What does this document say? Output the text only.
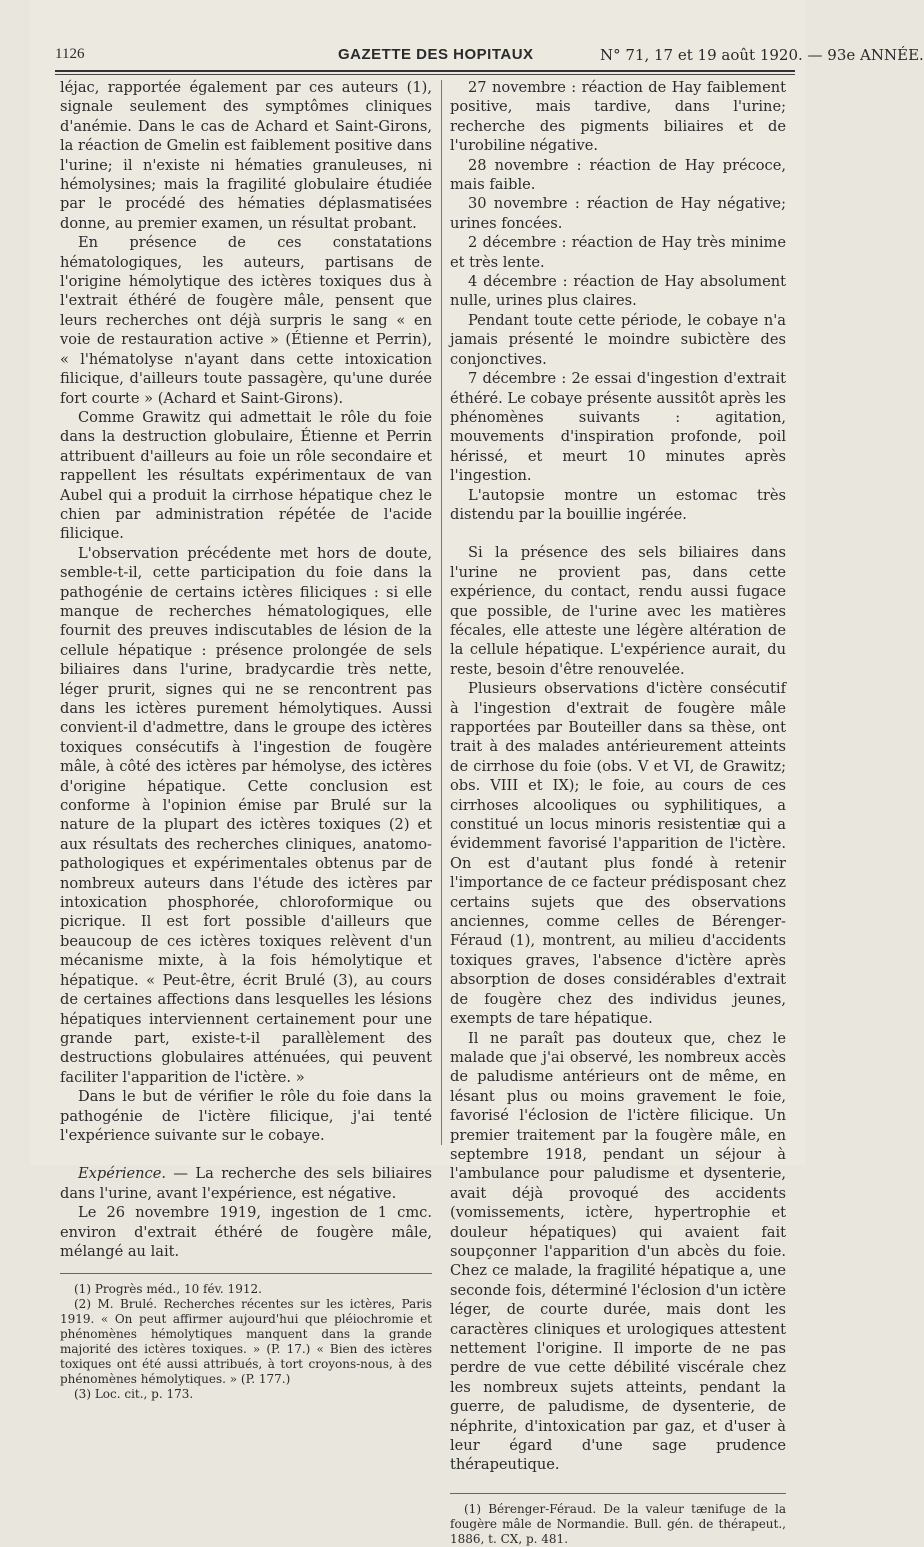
1126	GAZETTE DES HOPITAUX	N° 71, 17 et 19 août 1920. — 93e ANNÉE.

léjac, rapportée également par ces auteurs (1), signale seulement des symptômes cliniques d'anémie. Dans le cas de Achard et Saint-Girons, la réaction de Gmelin est faiblement positive dans l'urine; il n'existe ni hématies granuleuses, ni hémolysines; mais la fragilité globulaire étudiée par le procédé des hématies déplasmatisées donne, au premier examen, un résultat probant.

En présence de ces constatations hématologiques, les auteurs, partisans de l'origine hémolytique des ictères toxiques dus à l'extrait éthéré de fougère mâle, pensent que leurs recherches ont déjà surpris le sang « en voie de restauration active » (Étienne et Perrin), « l'hématolyse n'ayant dans cette intoxication filicique, d'ailleurs toute passagère, qu'une durée fort courte » (Achard et Saint-Girons).

Comme Grawitz qui admettait le rôle du foie dans la destruction globulaire, Étienne et Perrin attribuent d'ailleurs au foie un rôle secondaire et rappellent les résultats expérimentaux de van Aubel qui a produit la cirrhose hépatique chez le chien par administration répétée de l'acide filicique.

L'observation précédente met hors de doute, semble-t-il, cette participation du foie dans la pathogénie de certains ictères filiciques : si elle manque de recherches hématologiques, elle fournit des preuves indiscutables de lésion de la cellule hépatique : présence prolongée de sels biliaires dans l'urine, bradycardie très nette, léger prurit, signes qui ne se rencontrent pas dans les ictères purement hémolytiques. Aussi convient-il d'admettre, dans le groupe des ictères toxiques consécutifs à l'ingestion de fougère mâle, à côté des ictères par hémolyse, des ictères d'origine hépatique. Cette conclusion est conforme à l'opinion émise par Brulé sur la nature de la plupart des ictères toxiques (2) et aux résultats des recherches cliniques, anatomo-pathologiques et expérimentales obtenus par de nombreux auteurs dans l'étude des ictères par intoxication phosphorée, chloroformique ou picrique. Il est fort possible d'ailleurs que beaucoup de ces ictères toxiques relèvent d'un mécanisme mixte, à la fois hémolytique et hépatique. « Peut-être, écrit Brulé (3), au cours de certaines affections dans lesquelles les lésions hépatiques interviennent certainement pour une grande part, existe-t-il parallèlement des destructions globulaires atténuées, qui peuvent faciliter l'apparition de l'ictère. »

Dans le but de vérifier le rôle du foie dans la pathogénie de l'ictère filicique, j'ai tenté l'expérience suivante sur le cobaye.

Expérience. — La recherche des sels biliaires dans l'urine, avant l'expérience, est négative.

Le 26 novembre 1919, ingestion de 1 cmc. environ d'extrait éthéré de fougère mâle, mélangé au lait.

(1) Progrès méd., 10 fév. 1912.

(2) M. Brulé. Recherches récentes sur les ictères, Paris 1919. « On peut affirmer aujourd'hui que pléiochromie et phénomènes hémolytiques manquent dans la grande majorité des ictères toxiques. » (P. 17.) « Bien des ictères toxiques ont été aussi attribués, à tort croyons-nous, à des phénomènes hémolytiques. » (P. 177.)

(3) Loc. cit., p. 173.

27 novembre : réaction de Hay faiblement positive, mais tardive, dans l'urine; recherche des pigments biliaires et de l'urobiline négative.

28 novembre : réaction de Hay précoce, mais faible.

30 novembre : réaction de Hay négative; urines foncées.

2 décembre : réaction de Hay très minime et très lente.

4 décembre : réaction de Hay absolument nulle, urines plus claires.

Pendant toute cette période, le cobaye n'a jamais présenté le moindre subictère des conjonctives.

7 décembre : 2e essai d'ingestion d'extrait éthéré. Le cobaye présente aussitôt après les phénomènes suivants : agitation, mouvements d'inspiration profonde, poil hérissé, et meurt 10 minutes après l'ingestion.

L'autopsie montre un estomac très distendu par la bouillie ingérée.

Si la présence des sels biliaires dans l'urine ne provient pas, dans cette expérience, du contact, rendu aussi fugace que possible, de l'urine avec les matières fécales, elle atteste une légère altération de la cellule hépatique. L'expérience aurait, du reste, besoin d'être renouvelée.

Plusieurs observations d'ictère consécutif à l'ingestion d'extrait de fougère mâle rapportées par Bouteiller dans sa thèse, ont trait à des malades antérieurement atteints de cirrhose du foie (obs. V et VI, de Grawitz; obs. VIII et IX); le foie, au cours de ces cirrhoses alcooliques ou syphilitiques, a constitué un locus minoris resistentiæ qui a évidemment favorisé l'apparition de l'ictère. On est d'autant plus fondé à retenir l'importance de ce facteur prédisposant chez certains sujets que des observations anciennes, comme celles de Bérenger-Féraud (1), montrent, au milieu d'accidents toxiques graves, l'absence d'ictère après absorption de doses considérables d'extrait de fougère chez des individus jeunes, exempts de tare hépatique.

Il ne paraît pas douteux que, chez le malade que j'ai observé, les nombreux accès de paludisme antérieurs ont de même, en lésant plus ou moins gravement le foie, favorisé l'éclosion de l'ictère filicique. Un premier traitement par la fougère mâle, en septembre 1918, pendant un séjour à l'ambulance pour paludisme et dysenterie, avait déjà provoqué des accidents (vomissements, ictère, hypertrophie et douleur hépatiques) qui avaient fait soupçonner l'apparition d'un abcès du foie. Chez ce malade, la fragilité hépatique a, une seconde fois, déterminé l'éclosion d'un ictère léger, de courte durée, mais dont les caractères cliniques et urologiques attestent nettement l'origine. Il importe de ne pas perdre de vue cette débilité viscérale chez les nombreux sujets atteints, pendant la guerre, de paludisme, de dysenterie, de néphrite, d'intoxication par gaz, et d'user à leur égard d'une sage prudence thérapeutique.

(1) Bérenger-Féraud. De la valeur tænifuge de la fougère mâle de Normandie. Bull. gén. de thérapeut., 1886, t. CX, p. 481.
